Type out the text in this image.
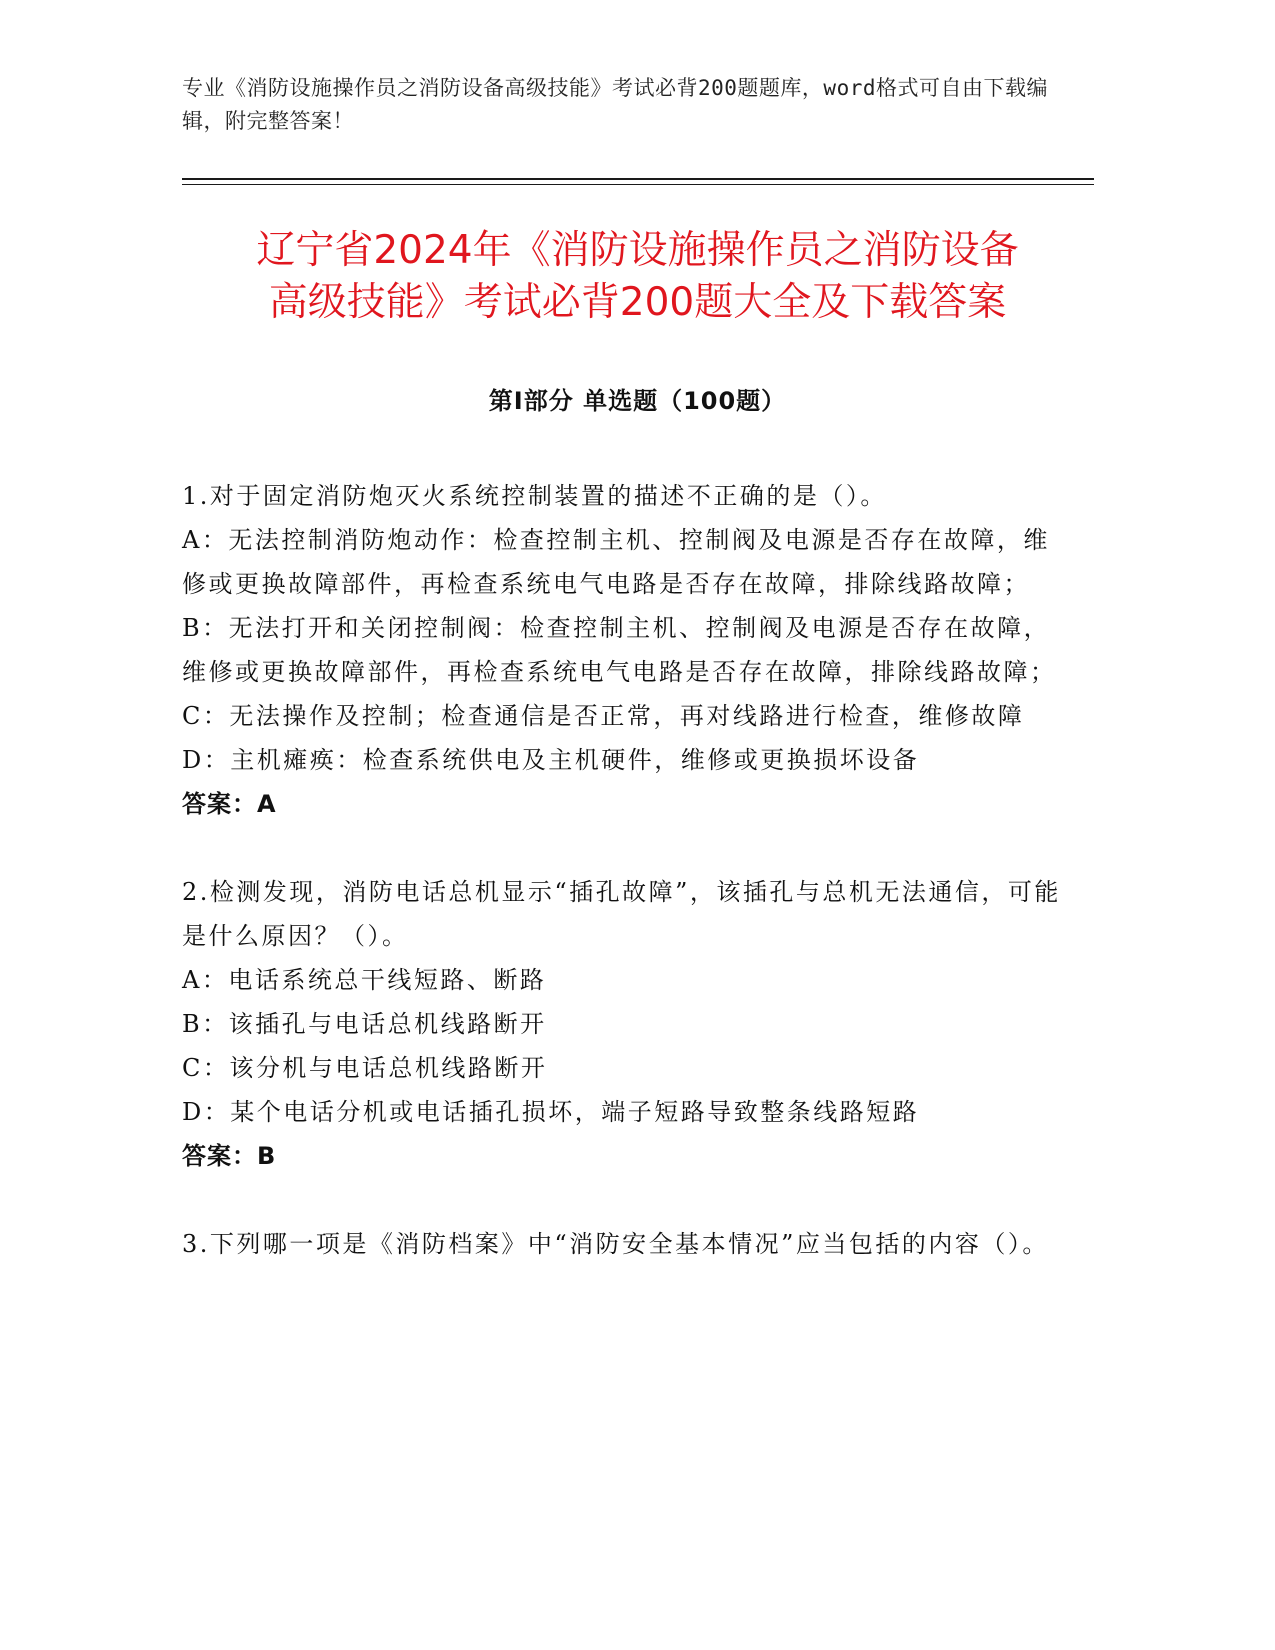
专业《消防设施操作员之消防设备高级技能》考试必背200题题库，word格式可自由下载编辑，附完整答案！
辽宁省2024年《消防设施操作员之消防设备
高级技能》考试必背200题大全及下载答案
第Ⅰ部分 单选题（100题）

1.对于固定消防炮灭火系统控制装置的描述不正确的是（）。

A：无法控制消防炮动作：检查控制主机、控制阀及电源是否存在故障，维修或更换故障部件，再检查系统电气电路是否存在故障，排除线路故障；

B：无法打开和关闭控制阀：检查控制主机、控制阀及电源是否存在故障，维修或更换故障部件，再检查系统电气电路是否存在故障，排除线路故障；

C：无法操作及控制；检查通信是否正常，再对线路进行检查，维修故障

D：主机瘫痪：检查系统供电及主机硬件，维修或更换损坏设备

答案：A

2.检测发现，消防电话总机显示“插孔故障”，该插孔与总机无法通信，可能是什么原因？（）。

A：电话系统总干线短路、断路

B：该插孔与电话总机线路断开

C：该分机与电话总机线路断开

D：某个电话分机或电话插孔损坏，端子短路导致整条线路短路

答案：B

3.下列哪一项是《消防档案》中“消防安全基本情况”应当包括的内容（）。
